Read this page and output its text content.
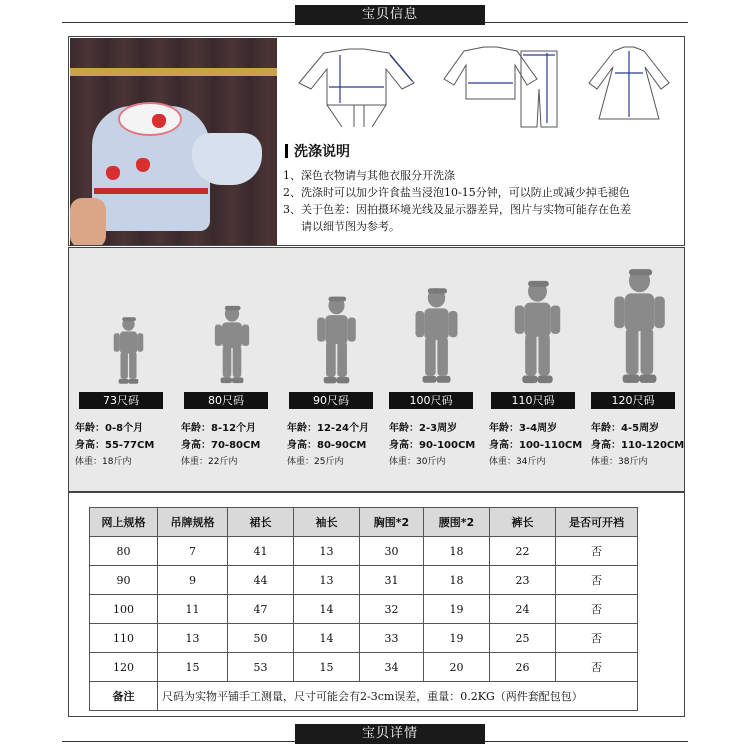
宝贝信息
洗涤说明
1、深色衣物请与其他衣服分开洗涤
2、洗涤时可以加少许食盐当浸泡10-15分钟，可以防止或减少掉毛褪色
3、关于色差：因拍摄环境光线及显示器差异，图片与实物可能存在色差
请以细节图为参考。
73尺码
年龄：0-8个月
身高：55-77CM
体重：18斤内
80尺码
年龄：8-12个月
身高：70-80CM
体重：22斤内
90尺码
年龄：12-24个月
身高：80-90CM
体重：25斤内
100尺码
年龄：2-3周岁
身高：90-100CM
体重：30斤内
110尺码
年龄：3-4周岁
身高：100-110CM
体重：34斤内
120尺码
年龄：4-5周岁
身高：110-120CM
体重：38斤内
网上规格	吊牌规格	裙长	袖长	胸围*2	腰围*2	裤长	是否可开裆
80	7	41	13	30	18	22	否
90	9	44	13	31	18	23	否
100	11	47	14	32	19	24	否
110	13	50	14	33	19	25	否
120	15	53	15	34	20	26	否
备注	尺码为实物平铺手工测量，尺寸可能会有2-3cm误差，重量：0.2KG（两件套配包包）						
宝贝详情
